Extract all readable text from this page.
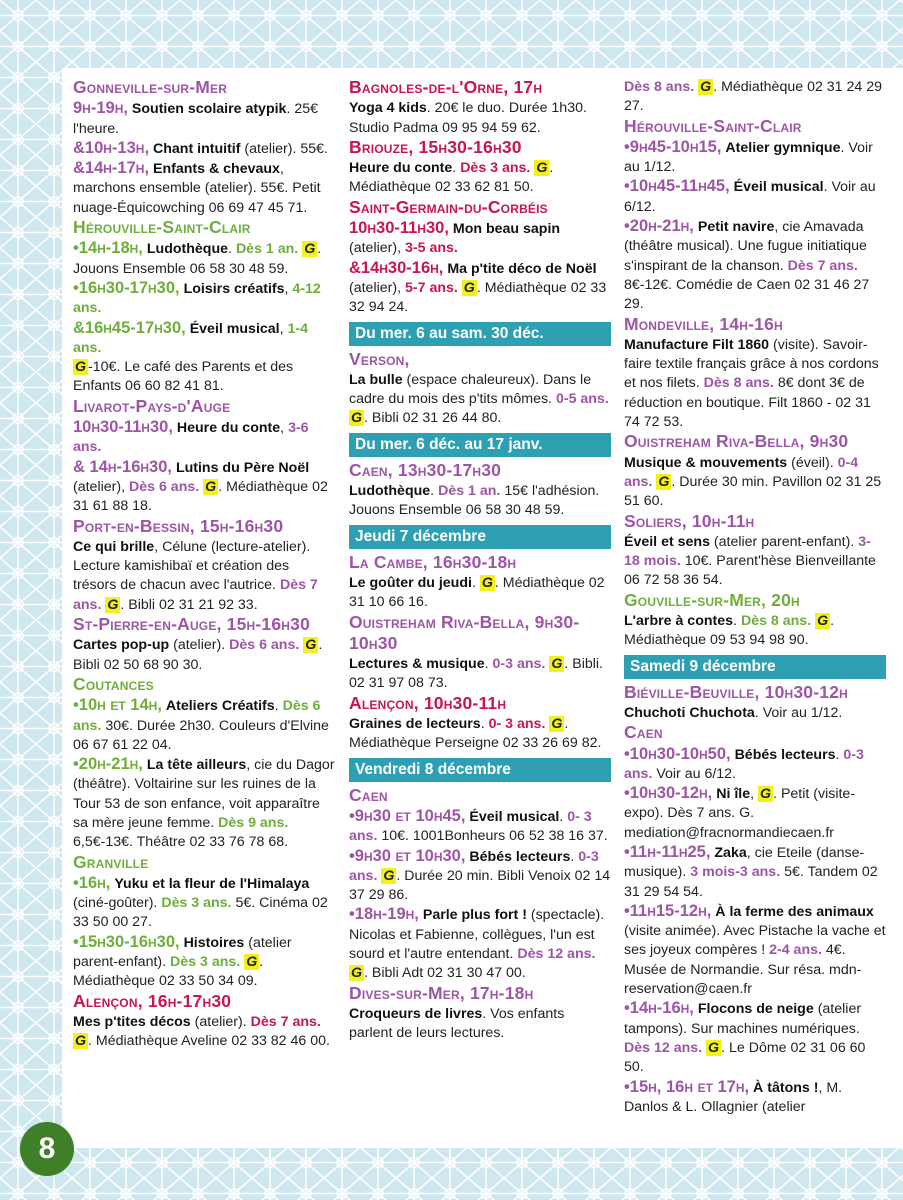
Gonneville-sur-Mer
9h-19h, Soutien scolaire atypik. 25€ l'heure.
&10h-13h, Chant intuitif (atelier). 55€.
&14h-17h, Enfants & chevaux, marchons ensemble (atelier). 55€. Petit nuage-Équicowching 06 69 47 45 71.
Hérouville-Saint-Clair
•14h-18h, Ludothèque. Dès 1 an. G . Jouons Ensemble 06 58 30 48 59.
•16h30-17h30, Loisirs créatifs, 4-12 ans.
&16h45-17h30, Éveil musical, 1-4 ans.
G -10€. Le café des Parents et des Enfants 06 60 82 41 81.
Livarot-Pays-d'Auge
10h30-11h30, Heure du conte, 3-6 ans.
& 14h-16h30, Lutins du Père Noël (atelier), Dès 6 ans. G . Médiathèque 02 31 61 88 18.
Port-en-Bessin, 15h-16h30
Ce qui brille, Célune (lecture-atelier). Lecture kamishibaï et création des trésors de chacun avec l'autrice. Dès 7 ans. G . Bibli 02 31 21 92 33.
St-Pierre-en-Auge, 15h-16h30
Cartes pop-up (atelier). Dès 6 ans. G . Bibli 02 50 68 90 30.
Coutances
•10h et 14h, Ateliers Créatifs. Dès 6 ans. 30€. Durée 2h30. Couleurs d'Elvine 06 67 61 22 04.
•20h-21h, La tête ailleurs, cie du Dagor (théâtre). Voltairine sur les ruines de la Tour 53 de son enfance, voit apparaître sa mère jeune femme. Dès 9 ans. 6,5€-13€. Théâtre 02 33 76 78 68.
Granville
•16h, Yuku et la fleur de l'Himalaya (ciné-goûter). Dès 3 ans. 5€. Cinéma 02 33 50 00 27.
•15h30-16h30, Histoires (atelier parent-enfant). Dès 3 ans. G . Médiathèque 02 33 50 34 09.
Alençon, 16h-17h30
Mes p'tites décos (atelier). Dès 7 ans. G . Médiathèque Aveline 02 33 82 46 00.
Bagnoles-de-l'Orne, 17h
Yoga 4 kids. 20€ le duo. Durée 1h30. Studio Padma 09 95 94 59 62.
Briouze, 15h30-16h30
Heure du conte. Dès 3 ans. G . Médiathèque 02 33 62 81 50.
Saint-Germain-du-Corbéis
10h30-11h30, Mon beau sapin (atelier), 3-5 ans.
&14h30-16h, Ma p'tite déco de Noël (atelier), 5-7 ans. G . Médiathèque 02 33 32 94 24.
Du mer. 6 au sam. 30 déc.
Verson,
La bulle (espace chaleureux). Dans le cadre du mois des p'tits mômes. 0-5 ans. G . Bibli 02 31 26 44 80.
Du mer. 6 déc. au 17 janv.
Caen, 13h30-17h30
Ludothèque. Dès 1 an. 15€ l'adhésion. Jouons Ensemble 06 58 30 48 59.
Jeudi 7 décembre
La Cambe, 16h30-18h
Le goûter du jeudi. G . Médiathèque 02 31 10 66 16.
Ouistreham Riva-Bella, 9h30-10h30
Lectures & musique. 0-3 ans. G . Bibli. 02 31 97 08 73.
Alençon, 10h30-11h
Graines de lecteurs. 0- 3 ans. G . Médiathèque Perseigne 02 33 26 69 82.
Vendredi 8 décembre
Caen
•9h30 et 10h45, Éveil musical. 0- 3 ans. 10€. 1001Bonheurs 06 52 38 16 37.
•9h30 et 10h30, Bébés lecteurs. 0-3 ans. G . Durée 20 min. Bibli Venoix 02 14 37 29 86.
•18h-19h, Parle plus fort ! (spectacle). Nicolas et Fabienne, collègues, l'un est sourd et l'autre entendant. Dès 12 ans. G . Bibli Adt 02 31 30 47 00.
Dives-sur-Mer, 17h-18h
Croqueurs de livres. Vos enfants parlent de leurs lectures.
Dès 8 ans. G . Médiathèque 02 31 24 29 27.
Hérouville-Saint-Clair
•9h45-10h15, Atelier gymnique. Voir au 1/12.
•10h45-11h45, Éveil musical. Voir au 6/12.
•20h-21h, Petit navire, cie Amavada (théâtre musical). Une fugue initiatique s'inspirant de la chanson. Dès 7 ans. 8€-12€. Comédie de Caen 02 31 46 27 29.
Mondeville, 14h-16h
Manufacture Filt 1860 (visite). Savoir-faire textile français grâce à nos cordons et nos filets. Dès 8 ans. 8€ dont 3€ de réduction en boutique. Filt 1860 - 02 31 74 72 53.
Ouistreham Riva-Bella, 9h30
Musique & mouvements (éveil). 0-4 ans. G . Durée 30 min. Pavillon 02 31 25 51 60.
Soliers, 10h-11h
Éveil et sens (atelier parent-enfant). 3-18 mois. 10€. Parent'hèse Bienveillante 06 72 58 36 54.
Gouville-sur-Mer, 20h
L'arbre à contes. Dès 8 ans. G . Médiathèque 09 53 94 98 90.
Samedi 9 décembre
Biéville-Beuville, 10h30-12h
Chuchoti Chuchota. Voir au 1/12.
Caen
•10h30-10h50, Bébés lecteurs. 0-3 ans. Voir au 6/12.
•10h30-12h, Ni île, G . Petit (visite- expo). Dès 7 ans. G. mediation@fracnormandiecaen.fr
•11h-11h25, Zaka, cie Eteile (danse-musique). 3 mois-3 ans. 5€. Tandem 02 31 29 54 54.
•11h15-12h, À la ferme des animaux (visite animée). Avec Pistache la vache et ses joyeux compères ! 2-4 ans. 4€. Musée de Normandie. Sur résa. mdn-reservation@caen.fr
•14h-16h, Flocons de neige (atelier tampons). Sur machines numériques. Dès 12 ans. G . Le Dôme 02 31 06 60 50.
•15h, 16h et 17h, À tâtons !, M. Danlos & L. Ollagnier (atelier
8
